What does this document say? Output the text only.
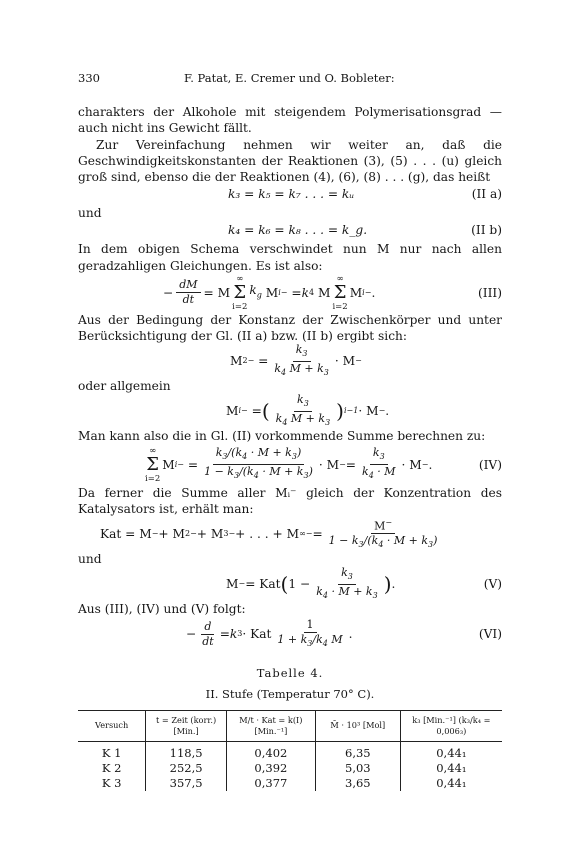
330	F. Patat, E. Cremer und O. Bobleter:

charakters der Alkohole mit steigendem Polymerisationsgrad — auch nicht ins Gewicht fällt.

Zur Vereinfachung nehmen wir weiter an, daß die Geschwindigkeitskonstanten der Reaktionen (3), (5) . . . (u) gleich groß sind, ebenso die der Reaktionen (4), (6), (8) . . . (g), das heißt

k₃ = k₅ = k₇ . . . = kᵤ	(II a)

und

k₄ = k₆ = k₈ . . . = k_g.	(II b)

In dem obigen Schema verschwindet nun M nur nach allen geradzahligen Gleichungen. Es ist also:

− $\frac{dM}{dt} = M$
∞
Σ
i=2
$k_g$ M i − = k 4 M
∞
Σ
i=2
M i − .	(III)

Aus der Bedingung der Konstanz der Zwischenkörper und unter Berücksichtigung der Gl. (II a) bzw. (II b) ergibt sich:

M 2 − = $\frac{k_3}{k_4 M + k_3} \cdot M$ −

oder allgemein

M i − = ( $\frac{k_3}{k_4 M + k_3}$ ) i−1 · M − .

Man kann also die in Gl. (II) vorkommende Summe berechnen zu:

∞
Σ
i=2
M i − = $\frac{k_3/(k_4 \cdot M + k_3)}{1 - k_3/(k_4 \cdot M + k_3)} \cdot M$ − = $\frac{k_3}{k_4 \cdot M} \cdot M$ − .	(IV)

Da ferner die Summe aller Mᵢ⁻ gleich der Konzentration des Katalysators ist, erhält man:

Kat = M − + M 2 − + M 3 − + . . . + M ∞ − = $\frac{M^-}{1 - k_3/(k_4 \cdot M + k_3)}$

und

M − = Kat ( $1 - \frac{k_3}{k_4 \cdot M + k_3}$ ) .	(V)

Aus (III), (IV) und (V) folgt:

− $\frac{d}{dt} = k$ 3 · Kat $\frac{1}{1 + k_3/k_4 M}$ .	(VI)
Tabelle 4.
II. Stufe (Temperatur 70° C).
Versuch	t = Zeit (korr.) [Min.]	M/t · Kat = k(I) [Min.⁻¹]	M̄ · 10³ [Mol]	k₃ [Min.⁻¹] (k₃/k₄ = 0,006₃)
K 1	118,5	0,402	6,35	0,44₁
K 2	252,5	0,392	5,03	0,44₁
K 3	357,5	0,377	3,65	0,44₁
